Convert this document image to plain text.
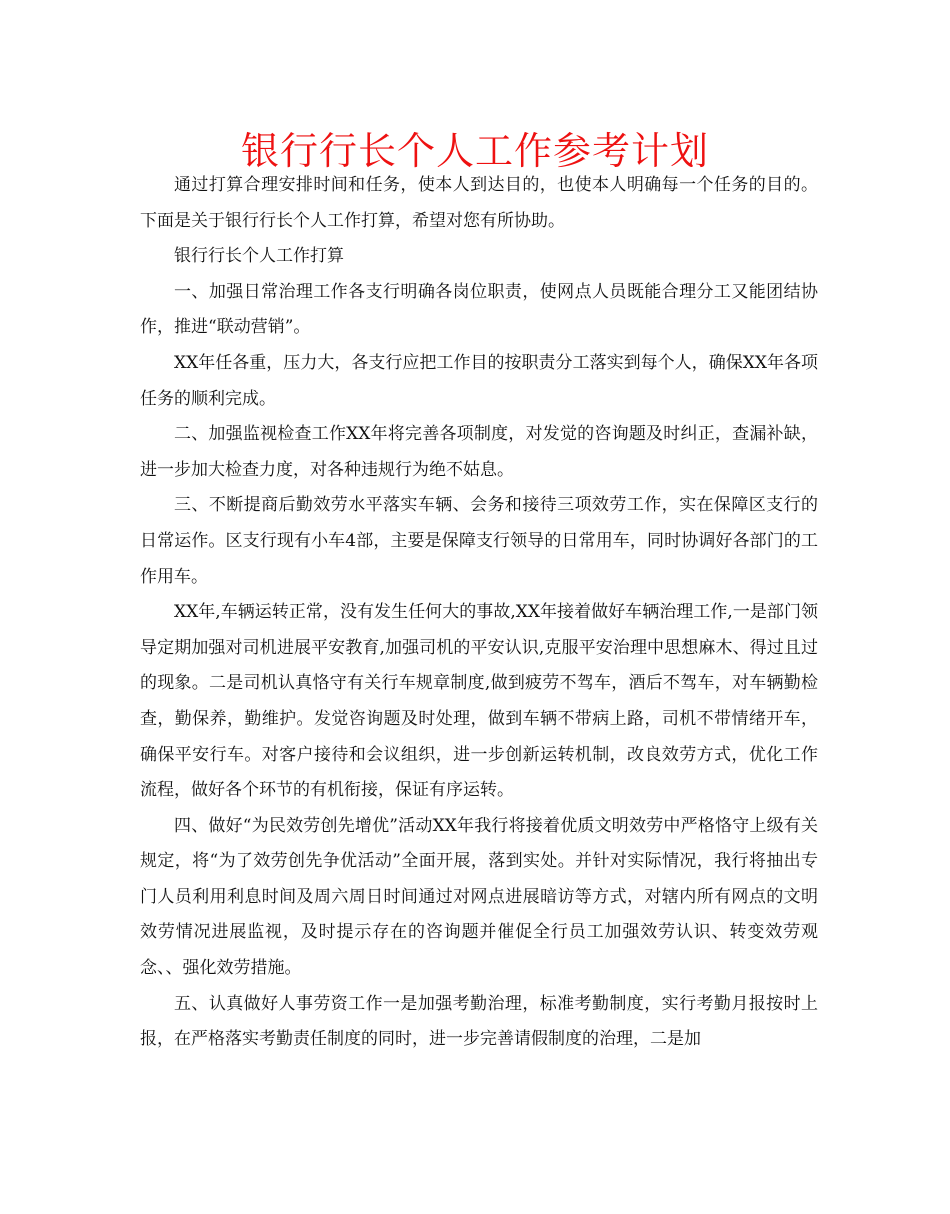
银行行长个人工作参考计划

通过打算合理安排时间和任务，使本人到达目的，也使本人明确每一个任务的目的。下面是关于银行行长个人工作打算，希望对您有所协助。

银行行长个人工作打算

一、加强日常治理工作各支行明确各岗位职责，使网点人员既能合理分工又能团结协作，推进“联动营销”。

XX年任各重，压力大，各支行应把工作目的按职责分工落实到每个人，确保XX年各项任务的顺利完成。

二、加强监视检查工作XX年将完善各项制度，对发觉的咨询题及时纠正，查漏补缺，进一步加大检查力度，对各种违规行为绝不姑息。

三、不断提商后勤效劳水平落实车辆、会务和接待三项效劳工作，实在保障区支行的日常运作。区支行现有小车4部，主要是保障支行领导的日常用车，同时协调好各部门的工作用车。

XX年,车辆运转正常，没有发生任何大的事故,XX年接着做好车辆治理工作,一是部门领导定期加强对司机进展平安教育,加强司机的平安认识,克服平安治理中思想麻木、得过且过的现象。二是司机认真恪守有关行车规章制度,做到疲劳不驾车，酒后不驾车，对车辆勤检查，勤保养，勤维护。发觉咨询题及时处理，做到车辆不带病上路，司机不带情绪开车，确保平安行车。对客户接待和会议组织，进一步创新运转机制，改良效劳方式，优化工作流程，做好各个环节的有机衔接，保证有序运转。

四、做好“为民效劳创先增优”活动XX年我行将接着优质文明效劳中严格恪守上级有关规定，将“为了效劳创先争优活动”全面开展，落到实处。并针对实际情况，我行将抽出专门人员利用利息时间及周六周日时间通过对网点进展暗访等方式，对辖内所有网点的文明效劳情况进展监视，及时提示存在的咨询题并催促全行员工加强效劳认识、转变效劳观念、、强化效劳措施。

五、认真做好人事劳资工作一是加强考勤治理，标准考勤制度，实行考勤月报按时上报，在严格落实考勤责任制度的同时，进一步完善请假制度的治理，二是加
